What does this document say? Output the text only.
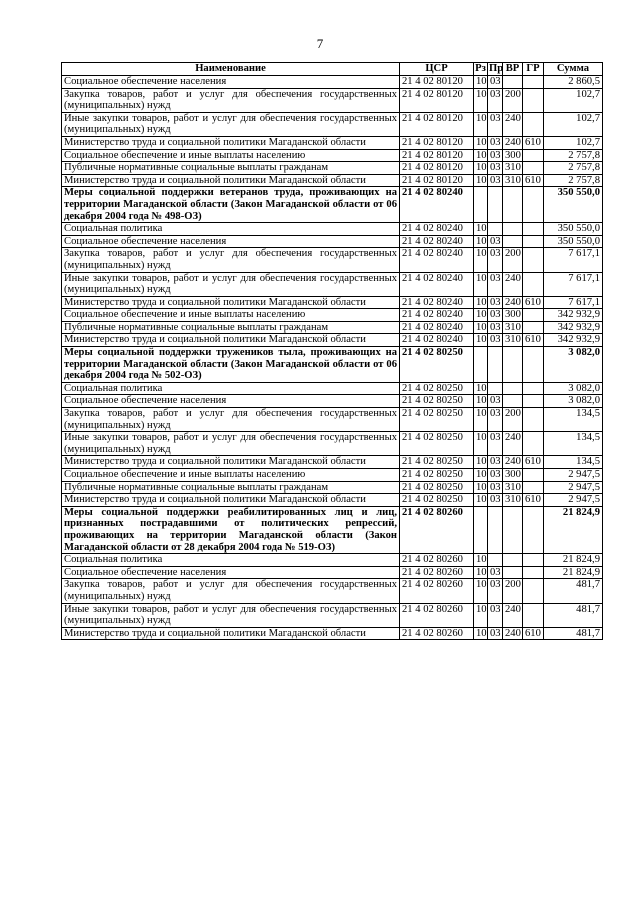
7
Наименование	ЦСР	Рз	Пр	ВР	ГР	Сумма
Социальное обеспечение населения	21 4 02 80120	10	03			2 860,5
Закупка товаров, работ и услуг для обеспечения государственных (муниципальных) нужд	21 4 02 80120	10	03	200		102,7
Иные закупки товаров, работ и услуг для обеспечения государственных (муниципальных) нужд	21 4 02 80120	10	03	240		102,7
Министерство труда и социальной политики Магаданской области	21 4 02 80120	10	03	240	610	102,7
Социальное обеспечение и иные выплаты населению	21 4 02 80120	10	03	300		2 757,8
Публичные нормативные социальные выплаты гражданам	21 4 02 80120	10	03	310		2 757,8
Министерство труда и социальной политики Магаданской области	21 4 02 80120	10	03	310	610	2 757,8
Меры социальной поддержки ветеранов труда, проживающих на территории Магаданской области (Закон Магаданской области от 06 декабря 2004 года № 498-ОЗ)	21 4 02 80240					350 550,0
Социальная политика	21 4 02 80240	10				350 550,0
Социальное обеспечение населения	21 4 02 80240	10	03			350 550,0
Закупка товаров, работ и услуг для обеспечения государственных (муниципальных) нужд	21 4 02 80240	10	03	200		7 617,1
Иные закупки товаров, работ и услуг для обеспечения государственных (муниципальных) нужд	21 4 02 80240	10	03	240		7 617,1
Министерство труда и социальной политики Магаданской области	21 4 02 80240	10	03	240	610	7 617,1
Социальное обеспечение и иные выплаты населению	21 4 02 80240	10	03	300		342 932,9
Публичные нормативные социальные выплаты гражданам	21 4 02 80240	10	03	310		342 932,9
Министерство труда и социальной политики Магаданской области	21 4 02 80240	10	03	310	610	342 932,9
Меры социальной поддержки тружеников тыла, проживающих на территории Магаданской области (Закон Магаданской области от 06 декабря 2004 года № 502-ОЗ)	21 4 02 80250					3 082,0
Социальная политика	21 4 02 80250	10				3 082,0
Социальное обеспечение населения	21 4 02 80250	10	03			3 082,0
Закупка товаров, работ и услуг для обеспечения государственных (муниципальных) нужд	21 4 02 80250	10	03	200		134,5
Иные закупки товаров, работ и услуг для обеспечения государственных (муниципальных) нужд	21 4 02 80250	10	03	240		134,5
Министерство труда и социальной политики Магаданской области	21 4 02 80250	10	03	240	610	134,5
Социальное обеспечение и иные выплаты населению	21 4 02 80250	10	03	300		2 947,5
Публичные нормативные социальные выплаты гражданам	21 4 02 80250	10	03	310		2 947,5
Министерство труда и социальной политики Магаданской области	21 4 02 80250	10	03	310	610	2 947,5
Меры социальной поддержки реабилитированных лиц и лиц, признанных пострадавшими от политических репрессий, проживающих на территории Магаданской области (Закон Магаданской области от 28 декабря 2004 года № 519-ОЗ)	21 4 02 80260					21 824,9
Социальная политика	21 4 02 80260	10				21 824,9
Социальное обеспечение населения	21 4 02 80260	10	03			21 824,9
Закупка товаров, работ и услуг для обеспечения государственных (муниципальных) нужд	21 4 02 80260	10	03	200		481,7
Иные закупки товаров, работ и услуг для обеспечения государственных (муниципальных) нужд	21 4 02 80260	10	03	240		481,7
Министерство труда и социальной политики Магаданской области	21 4 02 80260	10	03	240	610	481,7
